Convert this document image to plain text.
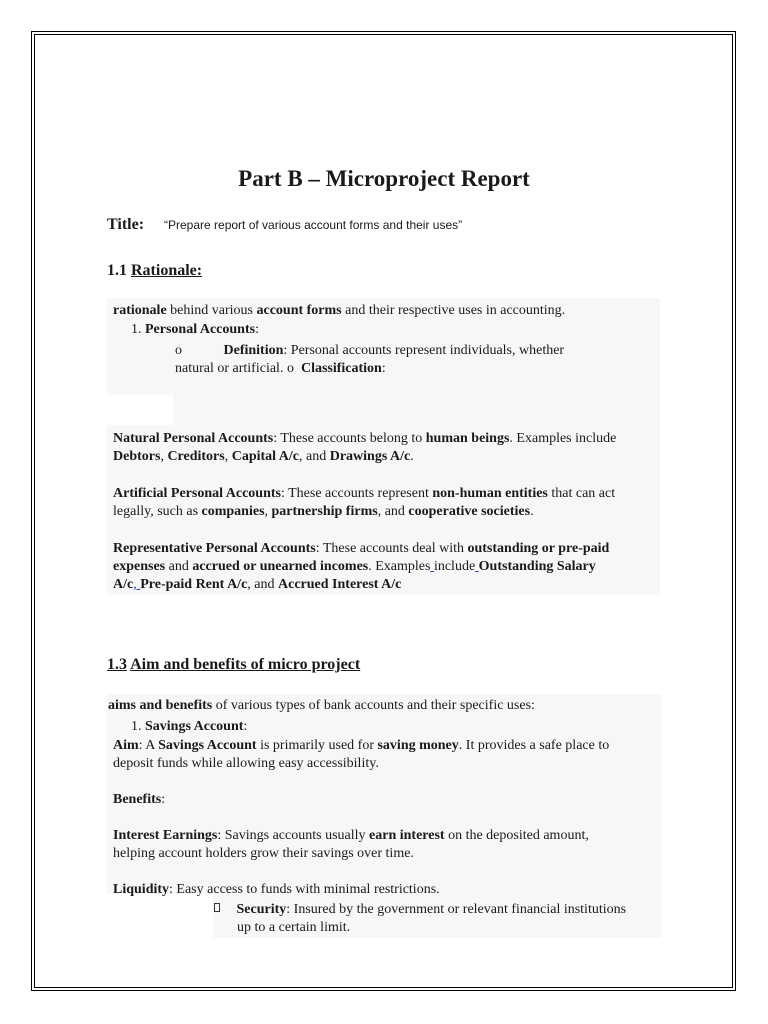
Part B – Microproject Report
Title: “Prepare report of various account forms and their uses”
1.1 Rationale:
rationale behind various account forms and their respective uses in accounting.
1. Personal Accounts:
o	Definition: Personal accounts represent individuals, whether
natural or artificial. o Classification:
Natural Personal Accounts: These accounts belong to human beings. Examples include
Debtors, Creditors, Capital A/c, and Drawings A/c.
Artificial Personal Accounts: These accounts represent non-human entities that can act
legally, such as companies, partnership firms, and cooperative societies.
Representative Personal Accounts: These accounts deal with outstanding or pre-paid
expenses and accrued or unearned incomes. Examples include Outstanding Salary
A/c, Pre-paid Rent A/c, and Accrued Interest A/c
1.3 Aim and benefits of micro project
aims and benefits of various types of bank accounts and their specific uses:
1. Savings Account:
Aim: A Savings Account is primarily used for saving money. It provides a safe place to
deposit funds while allowing easy accessibility.
Benefits:
Interest Earnings: Savings accounts usually earn interest on the deposited amount,
helping account holders grow their savings over time.
Liquidity: Easy access to funds with minimal restrictions.
Security: Insured by the government or relevant financial institutions
up to a certain limit.
